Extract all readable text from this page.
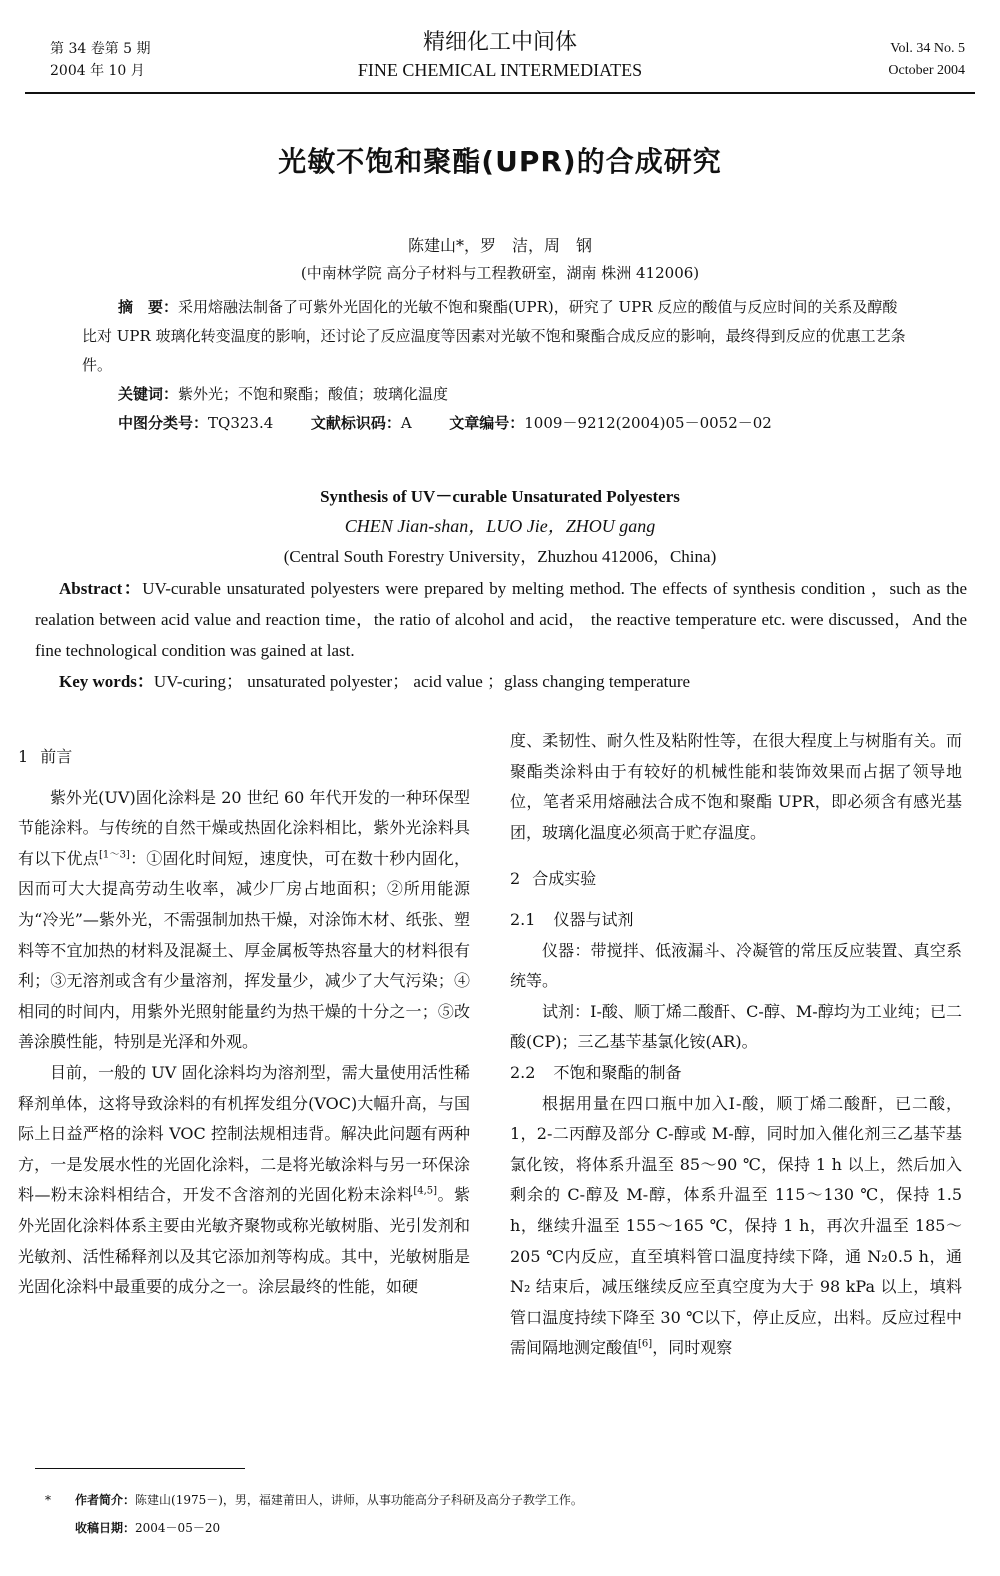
第 34 卷第 5 期
2004 年 10 月
精细化工中间体
FINE CHEMICAL INTERMEDIATES
Vol. 34 No. 5
October 2004
光敏不饱和聚酯(UPR)的合成研究
陈建山*，罗　洁，周　钢
(中南林学院 高分子材料与工程教研室，湖南 株洲 412006)

摘　要：采用熔融法制备了可紫外光固化的光敏不饱和聚酯(UPR)，研究了 UPR 反应的酸值与反应时间的关系及醇酸比对 UPR 玻璃化转变温度的影响，还讨论了反应温度等因素对光敏不饱和聚酯合成反应的影响，最终得到反应的优惠工艺条件。

关键词：紫外光；不饱和聚酯；酸值；玻璃化温度
中图分类号：TQ323.4	文献标识码：A	文章编号：1009－9212(2004)05－0052－02
Synthesis of UV－curable Unsaturated Polyesters
CHEN Jian-shan，LUO Jie，ZHOU gang
(Central South Forestry University，Zhuzhou 412006，China)

Abstract：UV-curable unsaturated polyesters were prepared by melting method. The effects of synthesis condition ，such as the realation between acid value and reaction time，the ratio of alcohol and acid， the reactive temperature etc. were discussed，And the fine technological condition was gained at last.

Key words：UV-curing； unsaturated polyester； acid value ；glass changing temperature

1 前言

紫外光(UV)固化涂料是 20 世纪 60 年代开发的一种环保型节能涂料。与传统的自然干燥或热固化涂料相比，紫外光涂料具有以下优点[1～3]：①固化时间短，速度快，可在数十秒内固化，因而可大大提高劳动生收率，减少厂房占地面积；②所用能源为“冷光”—紫外光，不需强制加热干燥，对涂饰木材、纸张、塑料等不宜加热的材料及混凝土、厚金属板等热容量大的材料很有利；③无溶剂或含有少量溶剂，挥发量少，减少了大气污染；④相同的时间内，用紫外光照射能量约为热干燥的十分之一；⑤改善涂膜性能，特别是光泽和外观。

目前，一般的 UV 固化涂料均为溶剂型，需大量使用活性稀释剂单体，这将导致涂料的有机挥发组分(VOC)大幅升高，与国际上日益严格的涂料 VOC 控制法规相违背。解决此问题有两种方，一是发展水性的光固化涂料，二是将光敏涂料与另一环保涂料—粉末涂料相结合，开发不含溶剂的光固化粉末涂料[4,5]。紫外光固化涂料体系主要由光敏齐聚物或称光敏树脂、光引发剂和光敏剂、活性稀释剂以及其它添加剂等构成。其中，光敏树脂是光固化涂料中最重要的成分之一。涂层最终的性能，如硬

度、柔韧性、耐久性及粘附性等，在很大程度上与树脂有关。而聚酯类涂料由于有较好的机械性能和装饰效果而占据了领导地位，笔者采用熔融法合成不饱和聚酯 UPR，即必须含有感光基团，玻璃化温度必须高于贮存温度。

2 合成实验
2.1 仪器与试剂

仪器：带搅拌、低液漏斗、冷凝管的常压反应装置、真空系统等。

试剂：Ⅰ-酸、顺丁烯二酸酐、C-醇、M-醇均为工业纯；已二酸(CP)；三乙基苄基氯化铵(AR)。

2.2 不饱和聚酯的制备

根据用量在四口瓶中加入Ⅰ-酸，顺丁烯二酸酐，已二酸，1，2-二丙醇及部分 C-醇或 M-醇，同时加入催化剂三乙基苄基氯化铵，将体系升温至 85～90 ℃，保持 1 h 以上，然后加入剩余的 C-醇及 M-醇，体系升温至 115～130 ℃，保持 1.5 h，继续升温至 155～165 ℃，保持 1 h，再次升温至 185～205 ℃内反应，直至填料管口温度持续下降，通 N₂0.5 h，通 N₂ 结束后，减压继续反应至真空度为大于 98 kPa 以上，填料管口温度持续下降至 30 ℃以下，停止反应，出料。反应过程中需间隔地测定酸值[6]，同时观察

* 作者简介：陈建山(1975－)，男，福建莆田人，讲师，从事功能高分子科研及高分子教学工作。
收稿日期：2004－05－20
